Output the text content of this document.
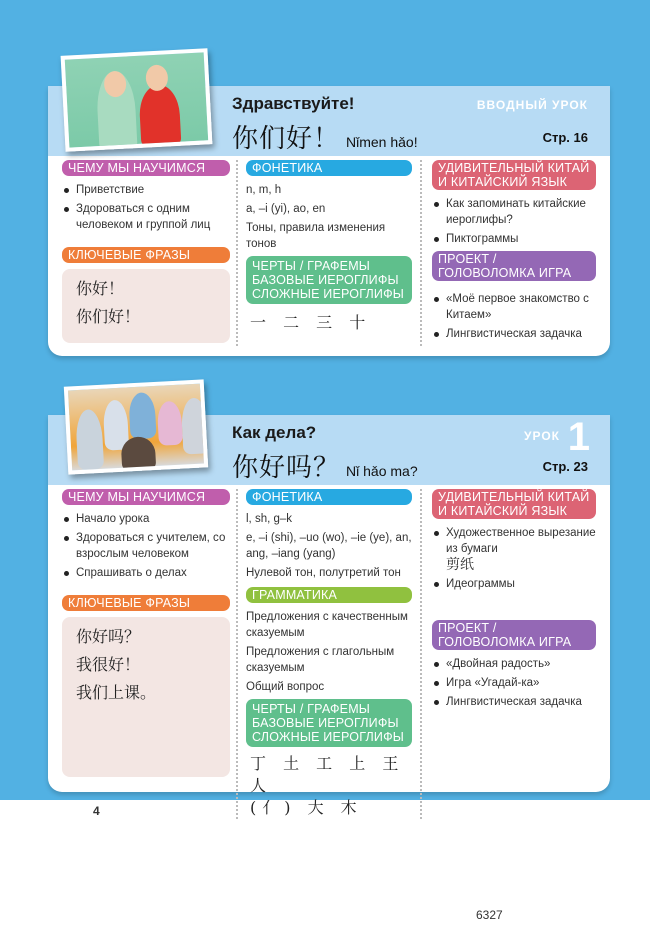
Здравствуйте!
你们好！ Nǐmen hǎo!
ВВОДНЫЙ УРОК
Стр. 16
ЧЕМУ МЫ НАУЧИМСЯ
Приветствие
Здороваться с одним человеком и группой лиц
КЛЮЧЕВЫЕ ФРАЗЫ
你好！
你们好！
ФОНЕТИКА
n, m, h
a, –i (yi), ao, en
Тоны, правила изменения тонов
ЧЕРТЫ / ГРАФЕМЫ
БАЗОВЫЕ ИЕРОГЛИФЫ
СЛОЖНЫЕ ИЕРОГЛИФЫ
一 二 三 十
УДИВИТЕЛЬНЫЙ КИТАЙ И КИТАЙСКИЙ ЯЗЫК
Как запоминать китайские иероглифы?
Пиктограммы
ПРОЕКТ / ГОЛОВОЛОМКА ИГРА
«Моё первое знакомство с Китаем»
Лингвистическая задачка
Как дела?
你好吗？ Nǐ hǎo ma?
УРОК 1
Стр. 23
ЧЕМУ МЫ НАУЧИМСЯ
Начало урока
Здороваться с учителем, со взрослым человеком
Спрашивать о делах
КЛЮЧЕВЫЕ ФРАЗЫ
你好吗？
我很好！
我们上课。
ФОНЕТИКА
l, sh, g–k
e, –i (shi), –uo (wo), –ie (ye), an, ang, –iang (yang)
Нулевой тон, полутретий тон
ГРАММАТИКА
Предложения с качественным сказуемым
Предложения с глагольным сказуемым
Общий вопрос
ЧЕРТЫ / ГРАФЕМЫ
БАЗОВЫЕ ИЕРОГЛИФЫ
СЛОЖНЫЕ ИЕРОГЛИФЫ
丁 土 工 上 王 人
(亻) 大 木
УДИВИТЕЛЬНЫЙ КИТАЙ И КИТАЙСКИЙ ЯЗЫК
Художественное вырезание из бумаги
剪纸
Идеограммы
ПРОЕКТ / ГОЛОВОЛОМКА ИГРА
«Двойная радость»
Игра «Угадай-ка»
Лингвистическая задачка
4
6327
